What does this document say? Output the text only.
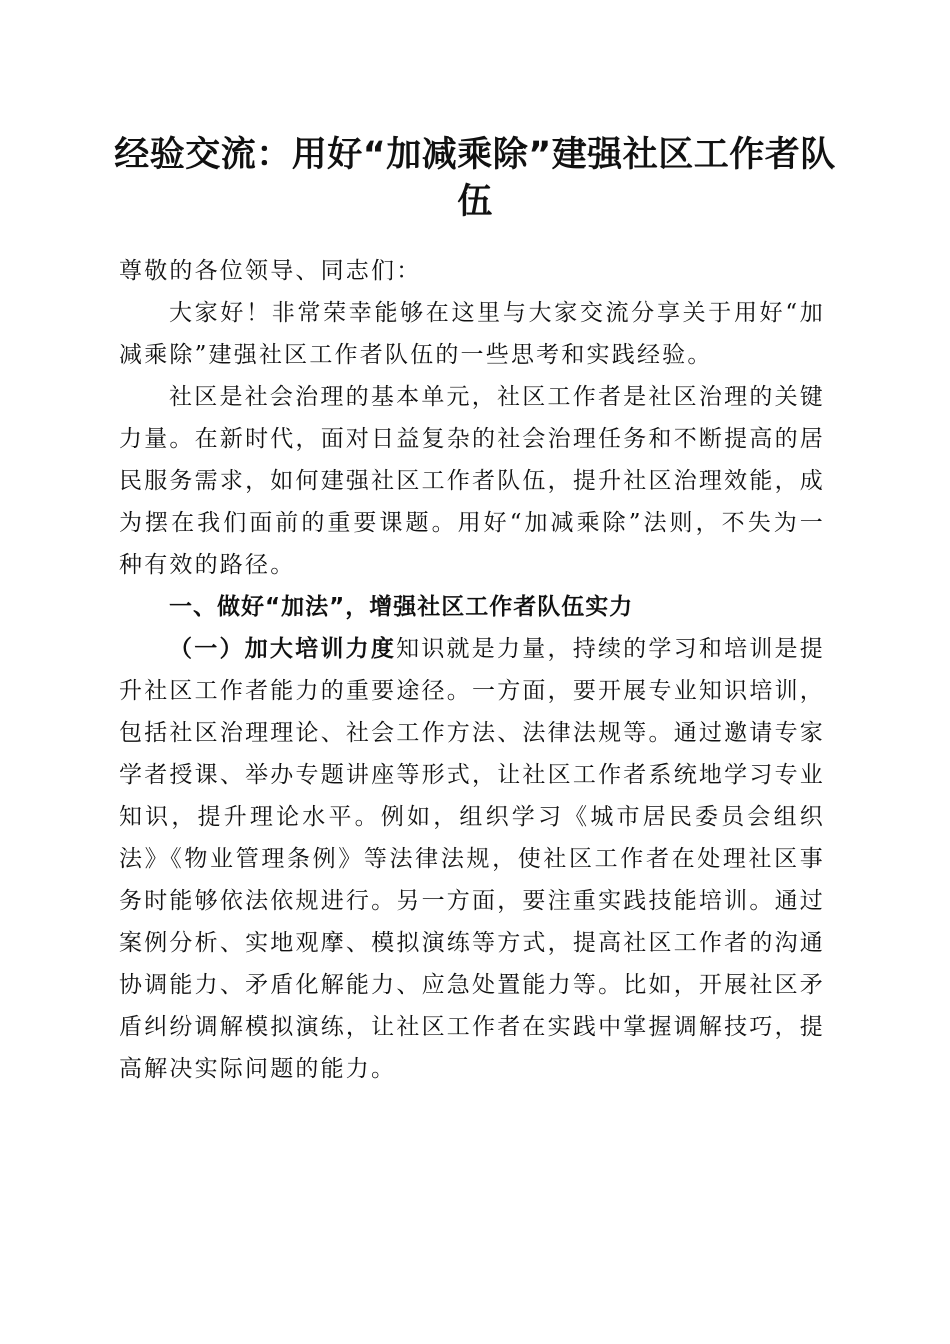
经验交流：用好“加减乘除”建强社区工作者队伍

尊敬的各位领导、同志们：

大家好！非常荣幸能够在这里与大家交流分享关于用好“加减乘除”建强社区工作者队伍的一些思考和实践经验。

社区是社会治理的基本单元，社区工作者是社区治理的关键力量。在新时代，面对日益复杂的社会治理任务和不断提高的居民服务需求，如何建强社区工作者队伍，提升社区治理效能，成为摆在我们面前的重要课题。用好“加减乘除”法则，不失为一种有效的路径。

一、做好“加法”，增强社区工作者队伍实力

（一）加大培训力度知识就是力量，持续的学习和培训是提升社区工作者能力的重要途径。一方面，要开展专业知识培训，包括社区治理理论、社会工作方法、法律法规等。通过邀请专家学者授课、举办专题讲座等形式，让社区工作者系统地学习专业知识，提升理论水平。例如，组织学习《城市居民委员会组织法》《物业管理条例》等法律法规，使社区工作者在处理社区事务时能够依法依规进行。另一方面，要注重实践技能培训。通过案例分析、实地观摩、模拟演练等方式，提高社区工作者的沟通协调能力、矛盾化解能力、应急处置能力等。比如，开展社区矛盾纠纷调解模拟演练，让社区工作者在实践中掌握调解技巧，提高解决实际问题的能力。
